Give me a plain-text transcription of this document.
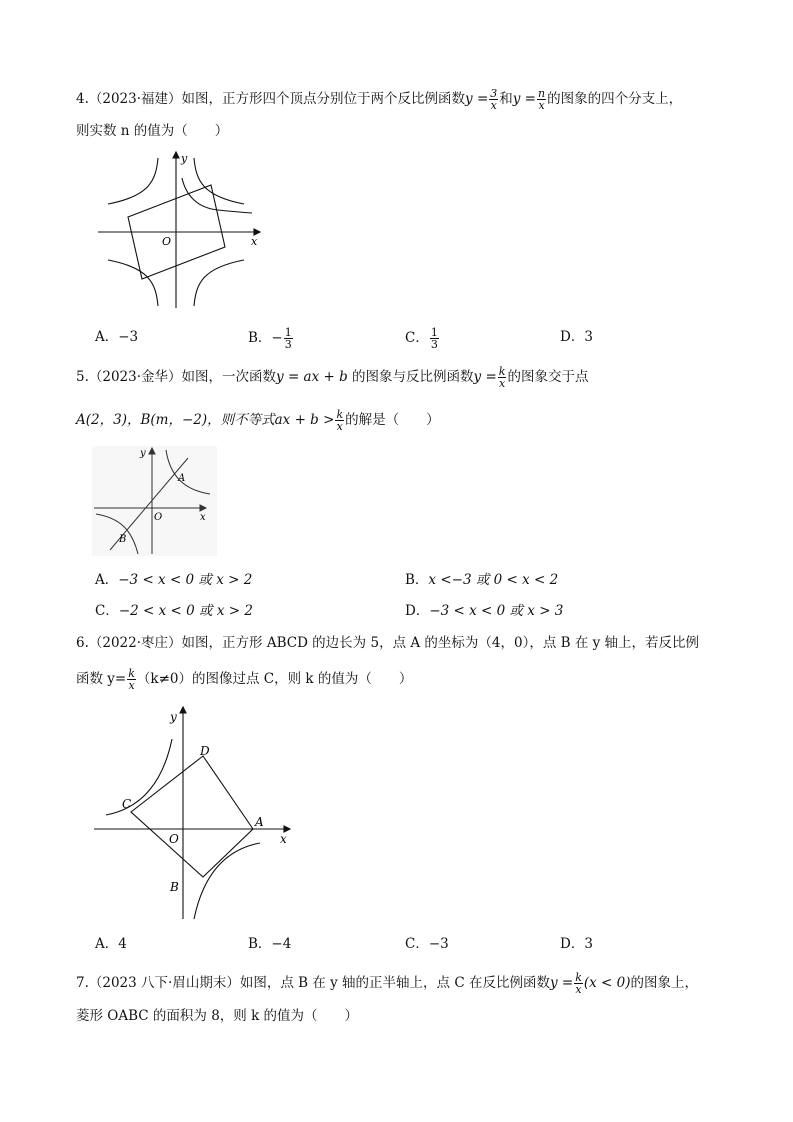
4.（2023·福建）如图，正方形四个顶点分别位于两个反比例函数$y = \frac{3}{x}$ 和$y = \frac{n}{x}$ 的图象的四个分支上，
则实数 n 的值为（　　）
y
x
O
A．−3	B．− $\frac{1}{3}$	C． $\frac{1}{3}$	D．3
5.（2023·金华）如图，一次函数y = ax + b 的图象与反比例函数$y = \frac{k}{x}$ 的图象交于点
A(2，3)，B(m，−2)，则不等式ax + $b > \frac{k}{x}$ 的解是（　　）
y
x
O
A
B
A．−3 < x < 0 或 x > 2	B．x <−3 或 0 < x < 2
C．−2 < x < 0 或 x > 2	D．−3 < x < 0 或 x > 3
6.（2022·枣庄）如图，正方形 ABCD 的边长为 5，点 A 的坐标为（4，0），点 B 在 y 轴上，若反比例
函数 $y= \frac{k}{x} (k\ne 0)$的图像过点 C，则 k 的值为（　　）
y
x
O
A
B
C
D
A．4	B．−4	C．−3	D．3
7.（2023 八下·眉山期末）如图，点 B 在 y 轴的正半轴上，点 C 在反比例函数$y = \frac{k}{x} (x < 0)$的图象上，
菱形 OABC 的面积为 8，则 k 的值为（　　）
